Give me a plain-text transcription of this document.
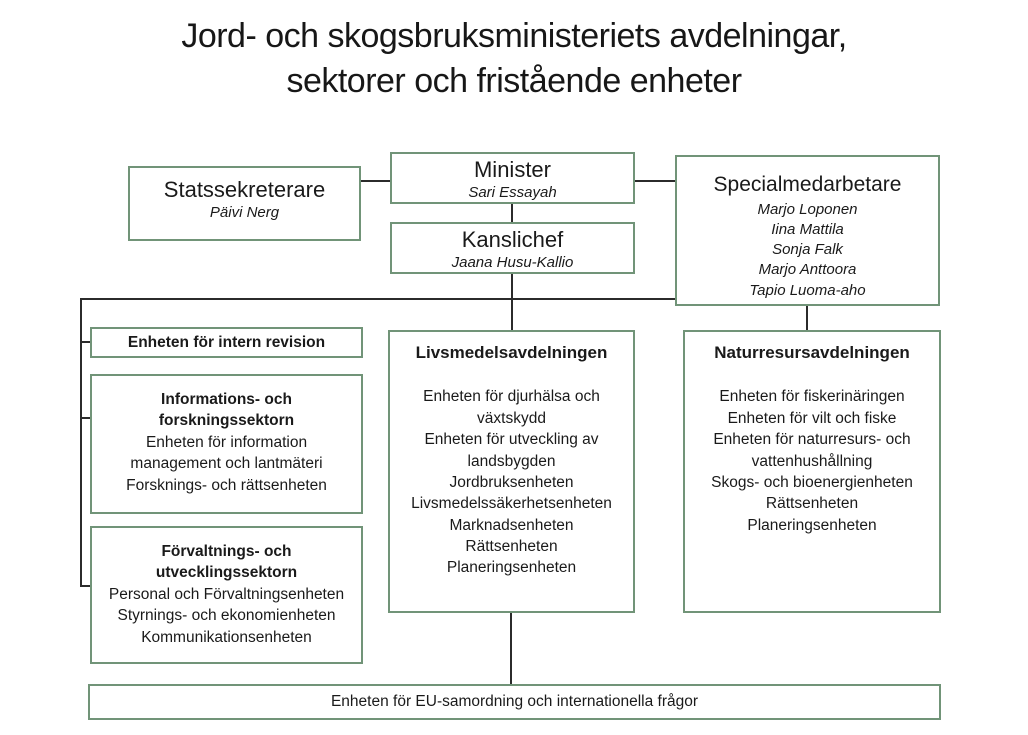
Jord- och skogsbruksministeriets avdelningar,
sektorer och fristående enheter
Statssekreterare
Päivi Nerg
Minister
Sari Essayah
Kanslichef
Jaana Husu-Kallio
Specialmedarbetare
Marjo Loponen
Iina Mattila
Sonja Falk
Marjo Anttoora
Tapio Luoma-aho
Enheten för intern revision
Informations- och forskningssektorn
Enheten för information management och lantmäteri
Forsknings- och rättsenheten
Förvaltnings- och utvecklingssektorn
Personal och Förvaltningsenheten
Styrnings- och ekonomienheten
Kommunikationsenheten
Livsmedelsavdelningen
Enheten för djurhälsa och växtskydd
Enheten för utveckling av landsbygden
Jordbruksenheten
Livsmedelssäkerhetsenheten
Marknadsenheten
Rättsenheten
Planeringsenheten
Naturresursavdelningen
Enheten för fiskerinäringen
Enheten för vilt och fiske
Enheten för naturresurs- och vattenhushållning
Skogs- och bioenergienheten
Rättsenheten
Planeringsenheten
Enheten för EU-samordning och internationella frågor
